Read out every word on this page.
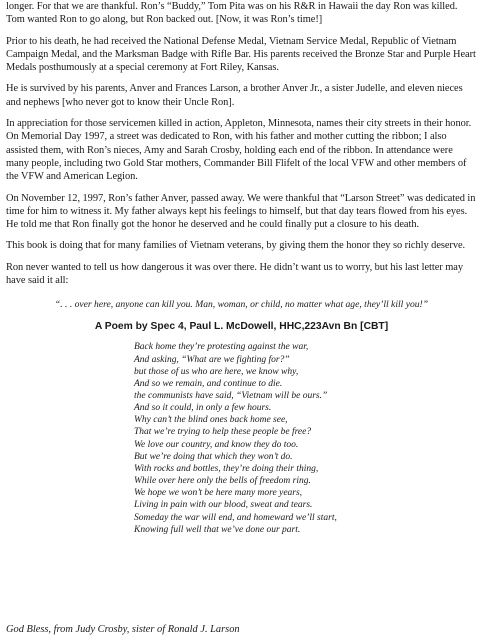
longer. For that we are thankful. Ron’s “Buddy,” Tom Pita was on his R&R in Hawaii the day Ron was killed. Tom wanted Ron to go along, but Ron backed out. [Now, it was Ron’s time!]

Prior to his death, he had received the National Defense Medal, Vietnam Service Medal, Republic of Vietnam Campaign Medal, and the Marksman Badge with Rifle Bar. His parents received the Bronze Star and Purple Heart Medals posthumously at a special ceremony at Fort Riley, Kansas.

He is survived by his parents, Anver and Frances Larson, a brother Anver Jr., a sister Judelle, and eleven nieces and nephews [who never got to know their Uncle Ron].

In appreciation for those servicemen killed in action, Appleton, Minnesota, names their city streets in their honor. On Memorial Day 1997, a street was dedicated to Ron, with his father and mother cutting the ribbon; I also assisted them, with Ron’s nieces, Amy and Sarah Crosby, holding each end of the ribbon. In attendance were many people, including two Gold Star mothers, Commander Bill Flifelt of the local VFW and other members of the VFW and American Legion.

On November 12, 1997, Ron’s father Anver, passed away. We were thankful that “Larson Street” was dedicated in time for him to witness it. My father always kept his feelings to himself, but that day tears flowed from his eyes. He told me that Ron finally got the honor he deserved and he could finally put a closure to his death.

This book is doing that for many families of Vietnam veterans, by giving them the honor they so richly deserve.

Ron never wanted to tell us how dangerous it was over there. He didn’t want us to worry, but his last letter may have said it all:

“. . . over here, anyone can kill you. Man, woman, or child, no matter what age, they’ll kill you!”

A Poem by Spec 4, Paul L. McDowell, HHC,223Avn Bn [CBT]
Back home they’re protesting against the war,
And asking, “What are we fighting for?”
but those of us who are here, we know why,
And so we remain, and continue to die.
the communists have said, “Vietnam will be ours.”
And so it could, in only a few hours.
Why can’t the blind ones back home see,
That we’re trying to help these people be free?
We love our country, and know they do too.
But we’re doing that which they won’t do.
With rocks and bottles, they’re doing their thing,
While over here only the bells of freedom ring.
We hope we won’t be here many more years,
Living in pain with our blood, sweat and tears.
Someday the war will end, and homeward we’ll start,
Knowing full well that we’ve done our part.
God Bless, from Judy Crosby, sister of Ronald J. Larson
